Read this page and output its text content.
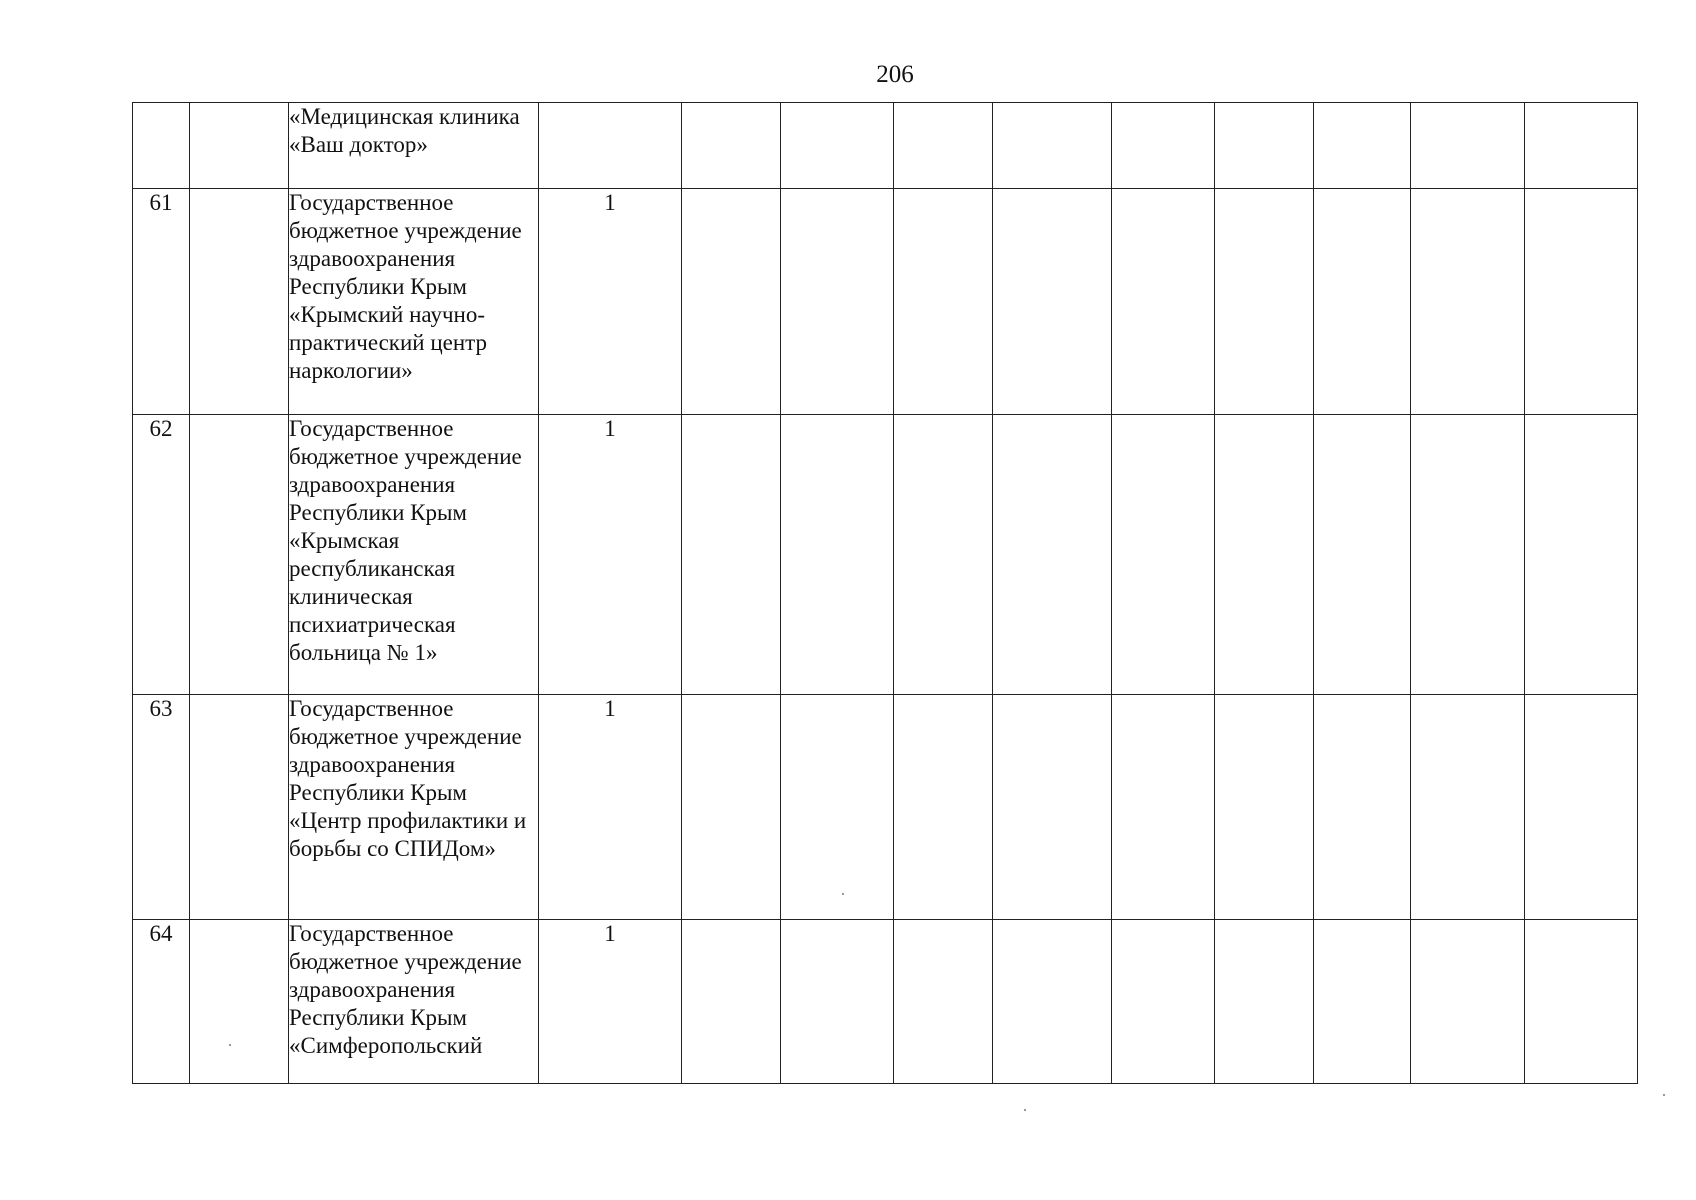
206
		«Медицинская клиника «Ваш доктор»										
61		Государственное бюджетное учреждение здравоохранения Республики Крым «Крымский научно-практический центр наркологии»	1									
62		Государственное бюджетное учреждение здравоохранения Республики Крым «Крымская республиканская клиническая психиатрическая больница № 1»	1									
63		Государственное бюджетное учреждение здравоохранения Республики Крым «Центр профилактики и борьбы со СПИДом»	1									
64		Государственное бюджетное учреждение здравоохранения Республики Крым «Симферопольский	1									
